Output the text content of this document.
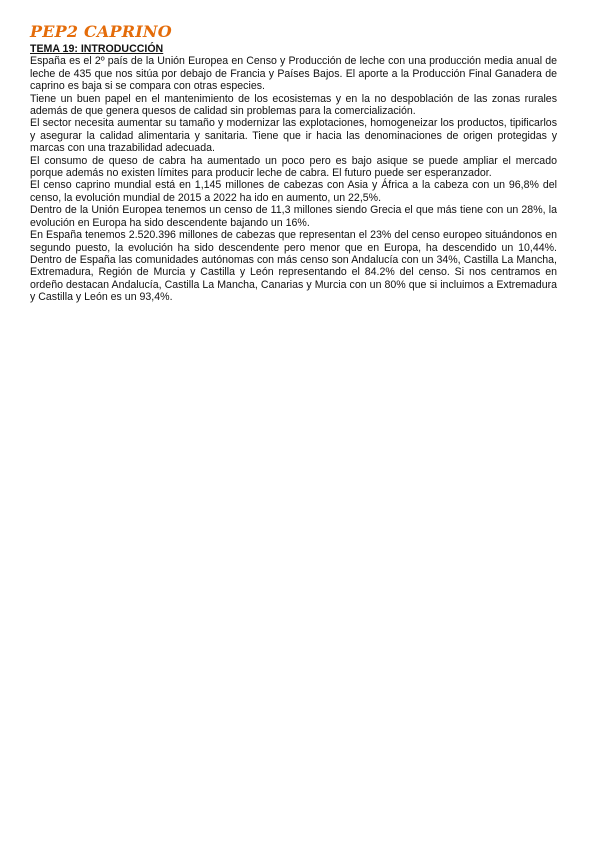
PEP2 CAPRINO

TEMA 19: INTRODUCCIÓN

España es el 2º país de la Unión Europea en Censo y Producción de leche con una producción media anual de leche de 435 que nos sitúa por debajo de Francia y Países Bajos. El aporte a la Producción Final Ganadera de caprino es baja si se compara con otras especies.

Tiene un buen papel en el mantenimiento de los ecosistemas y en la no despoblación de las zonas rurales además de que genera quesos de calidad sin problemas para la comercialización.

El sector necesita aumentar su tamaño y modernizar las explotaciones, homogeneizar los productos, tipificarlos y asegurar la calidad alimentaria y sanitaria. Tiene que ir hacia las denominaciones de origen protegidas y marcas con una trazabilidad adecuada.

El consumo de queso de cabra ha aumentado un poco pero es bajo asique se puede ampliar el mercado porque además no existen límites para producir leche de cabra. El futuro puede ser esperanzador.

El censo caprino mundial está en 1,145 millones de cabezas con Asia y África a la cabeza con un 96,8% del censo, la evolución mundial de 2015 a 2022 ha ido en aumento, un 22,5%.

Dentro de la Unión Europea tenemos un censo de 11,3 millones siendo Grecia el que más tiene con un 28%, la evolución en Europa ha sido descendente bajando un 16%.

En España tenemos 2.520.396 millones de cabezas que representan el 23% del censo europeo situándonos en segundo puesto, la evolución ha sido descendente pero menor que en Europa, ha descendido un 10,44%. Dentro de España las comunidades autónomas con más censo son Andalucía con un 34%, Castilla La Mancha, Extremadura, Región de Murcia y Castilla y León representando el 84.2% del censo. Si nos centramos en ordeño destacan Andalucía, Castilla La Mancha, Canarias y Murcia con un 80% que si incluimos a Extremadura y Castilla y León es un 93,4%.
